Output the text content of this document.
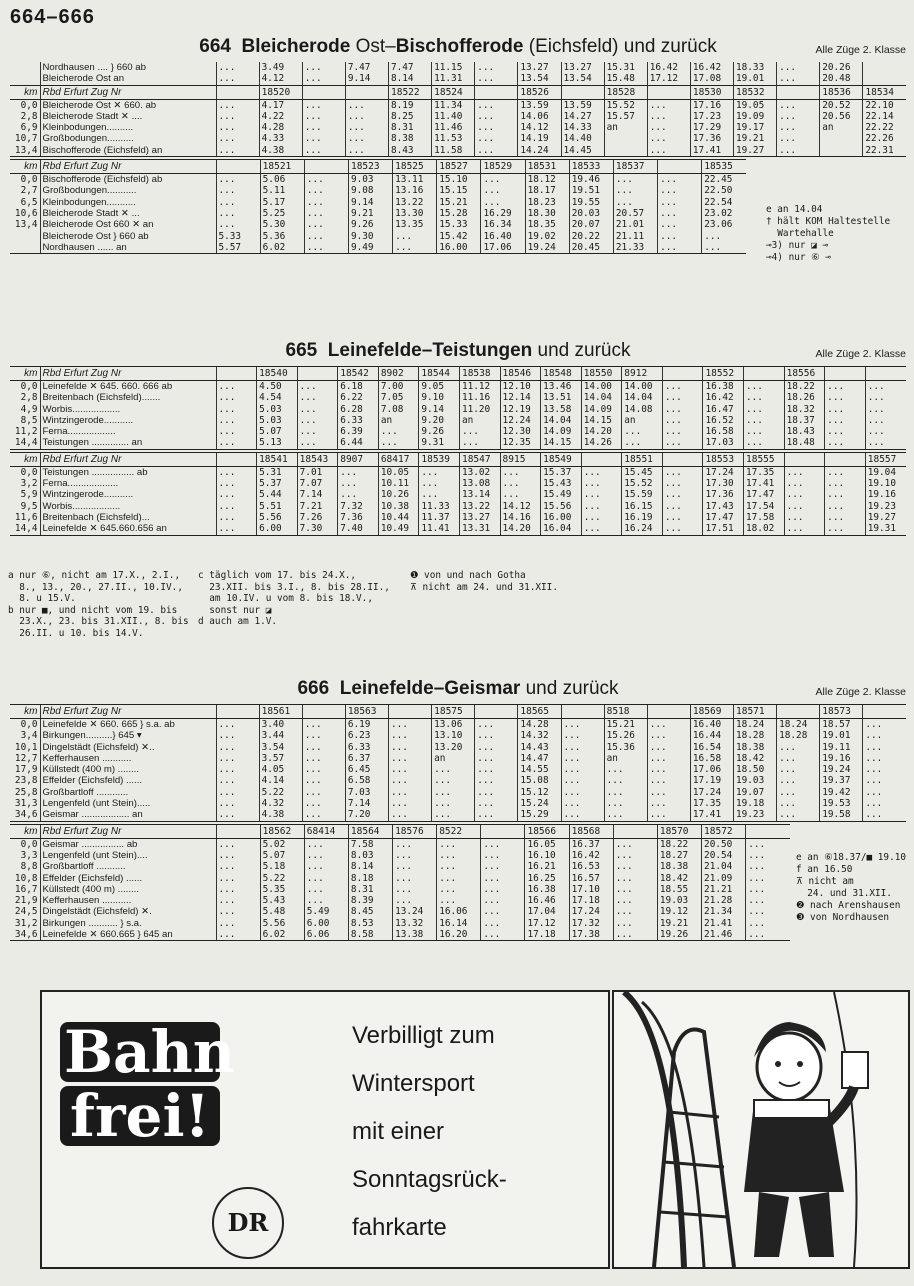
664–666
664 Bleicherode Ost–Bischofferode (Eichsfeld) und zurück	Alle Züge 2. Klasse
	Nordhausen .... } 660 ab	...	3.49	...	7.47	7.47	11.15	...	13.27	13.27	15.31	16.42	16.42	18.33	...	20.26	
	Bleicherode Ost an	...	4.12	...	9.14	8.14	11.31	...	13.54	13.54	15.48	17.12	17.08	19.01	...	20.48	
km	Rbd Erfurt Zug Nr		18520			18522	18524		18526		18528		18530	18532		18536	18534
0,0	Bleicherode Ost ✕ 660. ab	...	4.17	...	...	8.19	11.34	...	13.59	13.59	15.52	...	17.16	19.05	...	20.52	22.10
2,8	Bleicherode Stadt ✕ ....	...	4.22	...	...	8.25	11.40	...	14.06	14.27	15.57	...	17.23	19.09	...	20.56	22.14
6,9	Kleinbodungen..........	...	4.28	...	...	8.31	11.46	...	14.12	14.33	an	...	17.29	19.17	...	an	22.22
10,7	Großbodungen..........	...	4.33	...	...	8.38	11.53	...	14.19	14.40		...	17.36	19.21	...		22.26
13,4	Bischofferode (Eichsfeld) an	...	4.38	...	...	8.43	11.58	...	14.24	14.45		...	17.41	19.27	...		22.31
km	Rbd Erfurt Zug Nr		18521		18523	18525	18527	18529	18531	18533	18537		18535
0,0	Bischofferode (Eichsfeld) ab	...	5.06	...	9.03	13.11	15.10	...	18.12	19.46	...	...	22.45
2,7	Großbodungen...........	...	5.11	...	9.08	13.16	15.15	...	18.17	19.51	...	...	22.50
6,5	Kleinbodungen...........	...	5.17	...	9.14	13.22	15.21	...	18.23	19.55	...	...	22.54
10,6	Bleicherode Stadt ✕ ...	...	5.25	...	9.21	13.30	15.28	16.29	18.30	20.03	20.57	...	23.02
13,4	Bleicherode Ost 660 ✕ an	...	5.30	...	9.26	13.35	15.33	16.34	18.35	20.07	21.01	...	23.06
	Bleicherode Ost } 660 ab	5.33	5.36	...	9.30	...	15.42	16.40	19.02	20.22	21.11	...	...
	Nordhausen ...... an	5.57	6.02	...	9.49	...	16.00	17.06	19.24	20.45	21.33	...	...
e an 14.04
† hält KOM Haltestelle
Wartehalle
⊸3) nur ◪ ⊸
⊸4) nur ⑥ ⊸
665 Leinefelde–Teistungen und zurück	Alle Züge 2. Klasse
km	Rbd Erfurt Zug Nr		18540		18542	8902	18544	18538	18546	18548	18550	8912		18552		18556		
0,0	Leinefelde ✕ 645. 660. 666 ab	...	4.50	...	6.18	7.00	9.05	11.12	12.10	13.46	14.00	14.00	...	16.38	...	18.22	...	...
2,8	Breitenbach (Eichsfeld).......	...	4.54	...	6.22	7.05	9.10	11.16	12.14	13.51	14.04	14.04	...	16.42	...	18.26	...	...
4,9	Worbis..................	...	5.03	...	6.28	7.08	9.14	11.20	12.19	13.58	14.09	14.08	...	16.47	...	18.32	...	...
8,5	Wintzingerode...........	...	5.03	...	6.33	an	9.20	an	12.24	14.04	14.15	an	...	16.52	...	18.37	...	...
11,2	Ferna..................	...	5.07	...	6.39	...	9.26	...	12.30	14.09	14.20	...	...	16.58	...	18.43	...	...
14,4	Teistungen .............. an	...	5.13	...	6.44	...	9.31	...	12.35	14.15	14.26	...	...	17.03	...	18.48	...	...
km	Rbd Erfurt Zug Nr		18541	18543	8907	68417	18539	18547	8915	18549		18551		18553	18555			18557
0,0	Teistungen ................ ab	...	5.31	7.01	...	10.05	...	13.02	...	15.37	...	15.45	...	17.24	17.35	...	...	19.04
3,2	Ferna...................	...	5.37	7.07	...	10.11	...	13.08	...	15.43	...	15.52	...	17.30	17.41	...	...	19.10
5,9	Wintzingerode...........	...	5.44	7.14	...	10.26	...	13.14	...	15.49	...	15.59	...	17.36	17.47	...	...	19.16
9,5	Worbis..................	...	5.51	7.21	7.32	10.38	11.33	13.22	14.12	15.56	...	16.15	...	17.43	17.54	...	...	19.23
11,6	Breitenbach (Eichsfeld)...	...	5.56	7.26	7.36	10.44	11.37	13.27	14.16	16.00	...	16.19	...	17.47	17.58	...	...	19.27
14,4	Leinefelde ✕ 645.660.656 an	...	6.00	7.30	7.40	10.49	11.41	13.31	14.20	16.04	...	16.24	...	17.51	18.02	...	...	19.31
a nur ⑥, nicht am 17.X., 2.I.,
8., 13., 20., 27.II., 10.IV.,
8. u 15.V.
b nur ■, und nicht vom 19. bis
23.X., 23. bis 31.XII., 8. bis
26.II. u 10. bis 14.V.
c täglich vom 17. bis 24.X.,
23.XII. bis 3.I., 8. bis 28.II.,
am 10.IV. u vom 8. bis 18.V.,
sonst nur ◪
d auch am 1.V.
❶ von und nach Gotha
⊼ nicht am 24. und 31.XII.
666 Leinefelde–Geismar und zurück	Alle Züge 2. Klasse
km	Rbd Erfurt Zug Nr		18561		18563		18575		18565		8518		18569	18571		18573	
0,0	Leinefelde ✕ 660. 665 } s.a. ab	...	3.40	...	6.19	...	13.06	...	14.28	...	15.21	...	16.40	18.24	18.24	18.57	...
3,4	Birkungen..........} 645 ▾	...	3.44	...	6.23	...	13.10	...	14.32	...	15.26	...	16.44	18.28	18.28	19.01	...
10,1	Dingelstädt (Eichsfeld) ✕..	...	3.54	...	6.33	...	13.20	...	14.43	...	15.36	...	16.54	18.38	...	19.11	...
12,7	Kefferhausen ...........	...	3.57	...	6.37	...	an	...	14.47	...	an	...	16.58	18.42	...	19.16	...
17,9	Küllstedt (400 m) ........	...	4.05	...	6.45	...	...	...	14.55	...	...	...	17.06	18.50	...	19.24	...
23,8	Effelder (Eichsfeld) ......	...	4.14	...	6.58	...	...	...	15.08	...	...	...	17.19	19.03	...	19.37	...
25,8	Großbartloff ............	...	5.22	...	7.03	...	...	...	15.12	...	...	...	17.24	19.07	...	19.42	...
31,3	Lengenfeld (unt Stein).....	...	4.32	...	7.14	...	...	...	15.24	...	...	...	17.35	19.18	...	19.53	...
34,6	Geismar .................. an	...	4.38	...	7.20	...	...	...	15.29	...	...	...	17.41	19.23	...	19.58	...
km	Rbd Erfurt Zug Nr		18562	68414	18564	18576	8522		18566	18568		18570	18572	
0,0	Geismar ................ ab	...	5.02	...	7.58	...	...	...	16.05	16.37	...	18.22	20.50	...
3,3	Lengenfeld (unt Stein)....	...	5.07	...	8.03	...	...	...	16.10	16.42	...	18.27	20.54	...
8,8	Großbartloff ...........	...	5.18	...	8.14	...	...	...	16.21	16.53	...	18.38	21.04	...
10,8	Effelder (Eichsfeld) ......	...	5.22	...	8.18	...	...	...	16.25	16.57	...	18.42	21.09	...
16,7	Küllstedt (400 m) ........	...	5.35	...	8.31	...	...	...	16.38	17.10	...	18.55	21.21	...
21,9	Kefferhausen ...........	...	5.43	...	8.39	...	...	...	16.46	17.18	...	19.03	21.28	...
24,5	Dingelstädt (Eichsfeld) ✕.	...	5.48	5.49	8.45	13.24	16.06	...	17.04	17.24	...	19.12	21.34	...
31,2	Birkungen ........... } s.a.	...	5.56	6.00	8.53	13.32	16.14	...	17.12	17.32	...	19.21	21.41	...
34,6	Leinefelde ✕ 660.665 } 645 an	...	6.02	6.06	8.58	13.38	16.20	...	17.18	17.38	...	19.26	21.46	...
e an ⑥18.37/■ 19.10
f an 16.50
⊼ nicht am
24. und 31.XII.
❷ nach Arenshausen
❸ von Nordhausen
Bahn
frei!
Verbilligt zum
Wintersport
mit einer
Sonntagsrück-
fahrkarte
DR
